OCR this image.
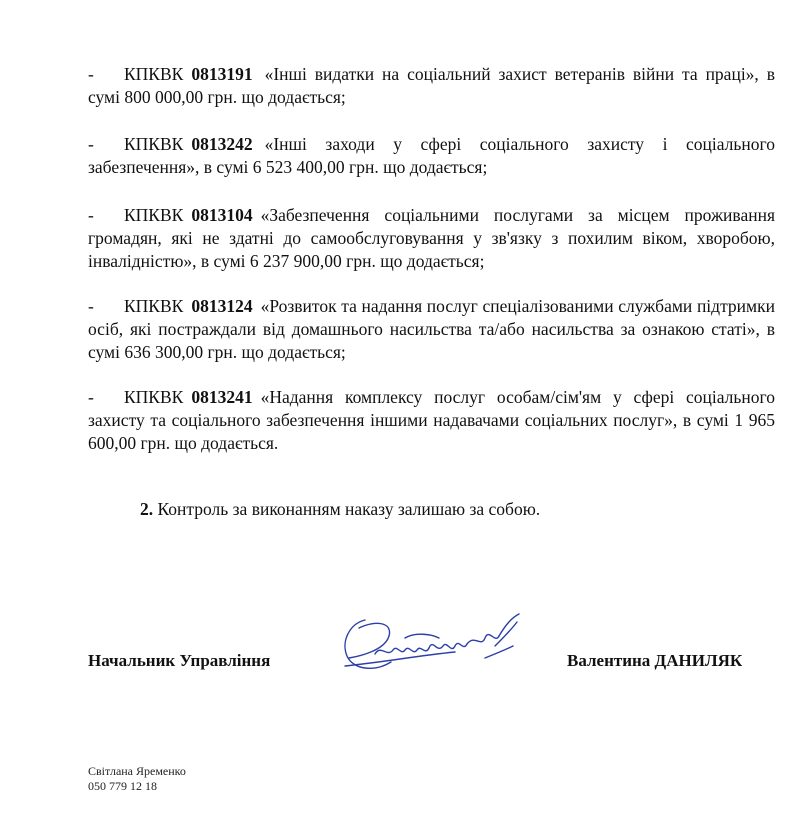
- КПКВК 0813191 «Інші видатки на соціальний захист ветеранів війни та праці», в сумі 800 000,00 грн. що додається;
- КПКВК 0813242 «Інші заходи у сфері соціального захисту і соціального забезпечення», в сумі 6 523 400,00 грн. що додається;
- КПКВК 0813104 «Забезпечення соціальними послугами за місцем проживання громадян, які не здатні до самообслуговування у зв'язку з похилим віком, хворобою, інвалідністю», в сумі 6 237 900,00 грн. що додається;
- КПКВК 0813124 «Розвиток та надання послуг спеціалізованими службами підтримки осіб, які постраждали від домашнього насильства та/або насильства за ознакою статі», в сумі 636 300,00 грн. що додається;
- КПКВК 0813241 «Надання комплексу послуг особам/сім'ям у сфері соціального захисту та соціального забезпечення іншими надавачами соціальних послуг», в сумі 1 965 600,00 грн. що додається.
2. Контроль за виконанням наказу залишаю за собою.
Начальник Управління	Валентина ДАНИЛЯК
Світлана Яременко
050 779 12 18
